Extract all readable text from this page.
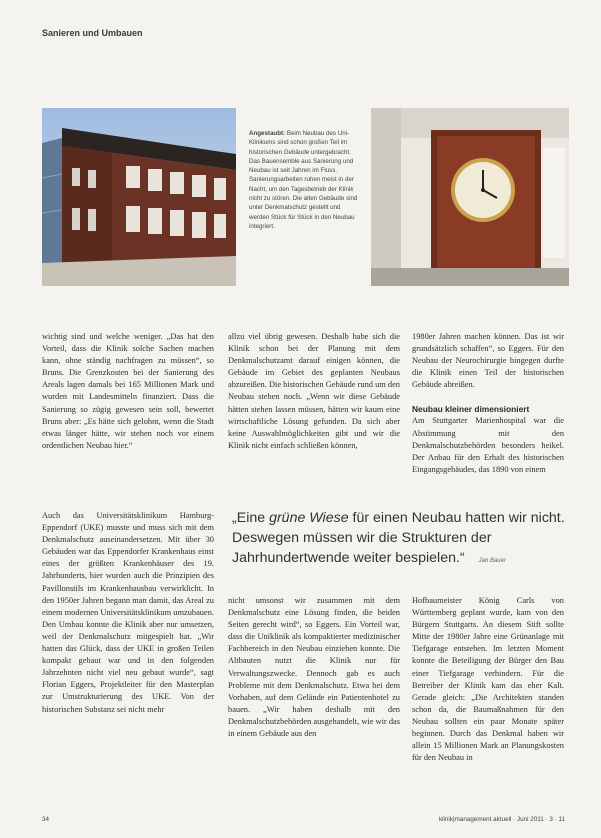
Sanieren und Umbauen
Angestaubt: Beim Neubau des Uni-Klinikums sind schon großen Teil im historischen Gebäude untergebracht. Das Bauensemble aus Sanierung und Neubau ist seit Jahren im Fluss. Sanierungsarbeiten ruhen meist in der Nacht, um den Tagesbetrieb der Klinik nicht zu stören. Die alten Gebäude sind unter Denkmalschutz gestellt und werden Stück für Stück in den Neubau integriert.

wichtig sind und welche weniger. „Das hat den Vorteil, dass die Klinik solche Sachen machen kann, ohne ständig nachfragen zu müssen“, so Bruns. Die Grenzkosten bei der Sanierung des Areals lagen damals bei 165 Millionen Mark und wurden mit Landesmitteln finanziert. Dass die Sanierung so zügig gewesen sein soll, bewertet Bruns aber: „Es hätte sich gelohnt, wenn die Stadt etwas länger hätte, wir stehen noch vor einem ordentlichen Neubau hier.“

Auch das Universitätsklinikum Hamburg-Eppendorf (UKE) musste und muss sich mit dem Denkmalschutz auseinandersetzen. Mit über 30 Gebäuden war das Eppendorfer Krankenhaus einst eines der größten Krankenhäuser des 19. Jahrhunderts, hier wurden auch die Prinzipien des Pavillonstils im Krankenhausbau verwirklicht. In den 1950er Jahren begann man damit, das Areal zu einem modernen Universitätsklinikum umzubauen. Den Umbau konnte die Klinik aber nur umsetzen, weil der Denkmalschutz mitgespielt hat. „Wir hatten das Glück, dass der UKE in großen Teilen kompakt gebaut war und in den folgenden Jahrzehnten nicht viel neu gebaut wurde“, sagt Florian Eggers, Projektleiter für den Masterplan zur Umstrukturierung des UKE. Von der historischen Substanz sei nicht mehr

allzu viel übrig gewesen. Deshalb habe sich die Klinik schon bei der Planung mit dem Denkmalschutzamt darauf einigen können, die Gebäude im Gebiet des geplanten Neubaus abzureißen. Die historischen Gebäude rund um den Neubau stehen noch. „Wenn wir diese Gebäude hätten stehen lassen müssen, hätten wir kaum eine wirtschaftliche Lösung gefunden. Da sich aber keine Auswahlmöglichkeiten gibt und wir die Klinik nicht einfach schließen können,

nicht umsonst wir zusammen mit dem Denkmalschutz eine Lösung finden, die beiden Seiten gerecht wird“, so Eggers. Ein Vorteil war, dass die Uniklinik als kompaktierter medizinischer Fachbereich in den Neubau einziehen konnte. Die Altbauten nutzt die Klinik nur für Verwaltungszwecke. Dennoch gab es auch Probleme mit dem Denkmalschutz. Etwa bei dem Vorhaben, auf dem Gelände ein Patientenhotel zu bauen. „Wir haben deshalb mit den Denkmalschutzbehörden ausgehandelt, wie wir das in einem Gebäude aus den

1980er Jahren machen können. Das ist wir grundsätzlich schaffen“, so Eggers. Für den Neubau der Neurochirurgie hingegen durfte die Klinik einen Teil der historischen Gebäude abreißen.

Neubau kleiner dimensioniert

Am Stuttgarter Marienhospital war die Abstimmung mit den Denkmalschutzbehörden besonders heikel. Der Anbau für den Erhalt des historischen Eingangsgebäudes, das 1890 von einem

Hofbaumeister König Carls von Württemberg geplant wurde, kam von den Bürgern Stuttgarts. An diesem Stift sollte Mitte der 1980er Jahre eine Grünanlage mit Tiefgarage entstehen. Im letzten Moment konnte die Beteiligung der Bürger den Bau einer Tiefgarage verhindern. Für die Betreiber der Klinik kam das eher Kalt. Gerade gleich: „Die Architekten standen schon da, die Baumaßnahmen für den Neubau sollten ein paar Monate später beginnen. Durch das Denkmal haben wir allein 15 Millionen Mark an Planungskosten für den Neubau in

„Eine grüne Wiese für einen Neubau hatten wir nicht. Deswegen müssen wir die Strukturen der Jahrhundertwende weiter bespielen.“ Jan Bauer
34	klinik|management aktuell · Juni 2011 · 3 · 11
